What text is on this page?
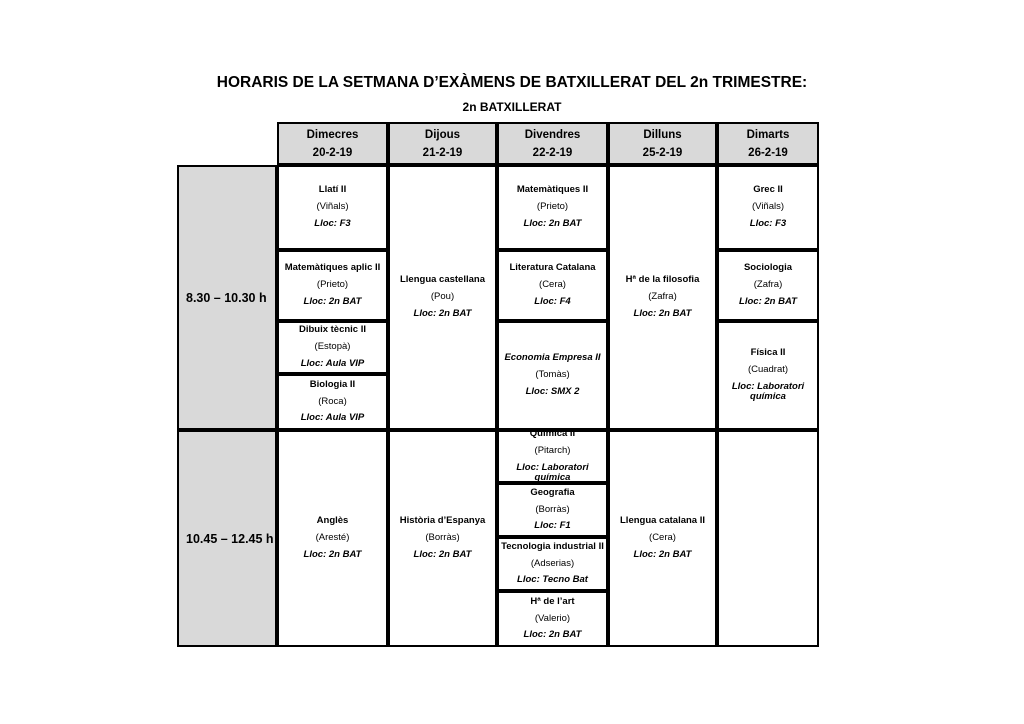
HORARIS DE LA SETMANA D’EXÀMENS DE BATXILLERAT DEL 2n TRIMESTRE:
2n BATXILLERAT
Dimecres
20-2-19
Dijous
21-2-19
Divendres
22-2-19
Dilluns
25-2-19
Dimarts
26-2-19
8.30 – 10.30 h
10.45 – 12.45 h
Llatí II
(Viñals)
Lloc: F3
Matemàtiques aplic II
(Prieto)
Lloc: 2n BAT
Dibuix tècnic II
(Estopà)
Lloc: Aula VIP
Biologia II
(Roca)
Lloc: Aula VIP
Llengua castellana
(Pou)
Lloc: 2n BAT
Matemàtiques II
(Prieto)
Lloc: 2n BAT
Literatura Catalana
(Cera)
Lloc: F4
Economia Empresa II
(Tomàs)
Lloc: SMX 2
Hª de la filosofia
(Zafra)
Lloc: 2n BAT
Grec II
(Viñals)
Lloc: F3
Sociologia
(Zafra)
Lloc: 2n BAT
Física II
(Cuadrat)
Lloc: Laboratori química
Anglès
(Aresté)
Lloc: 2n BAT
Història d’Espanya
(Borràs)
Lloc: 2n BAT
Química II
(Pitarch)
Lloc: Laboratori química
Geografia
(Borràs)
Lloc: F1
Tecnologia industrial II
(Adserias)
Lloc: Tecno Bat
Hª de l’art
(Valerio)
Lloc: 2n BAT
Llengua catalana II
(Cera)
Lloc: 2n BAT
